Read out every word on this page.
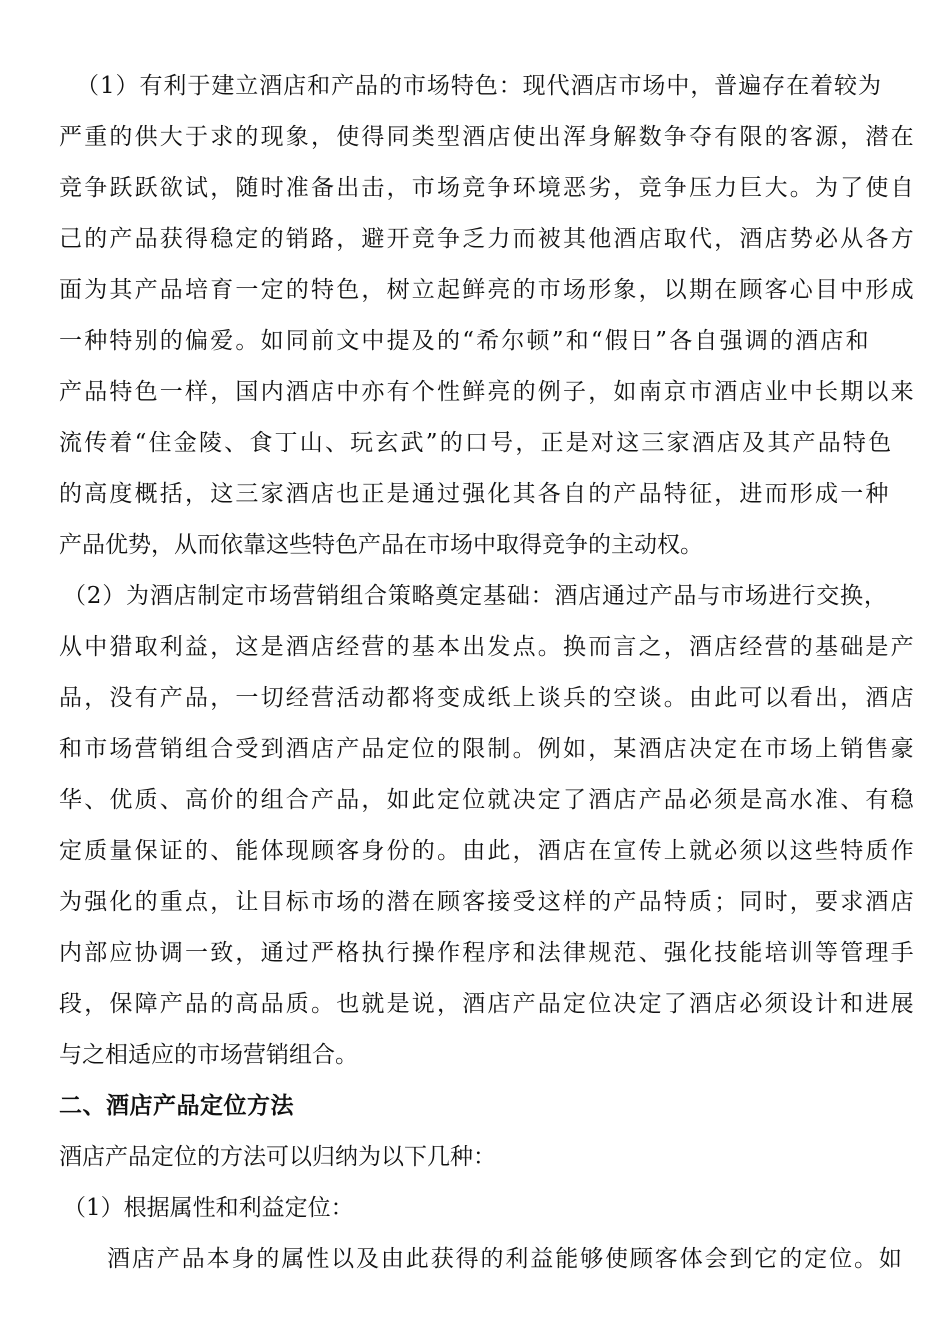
（1）有利于建立酒店和产品的市场特色：现代酒店市场中，普遍存在着较为
严重的供大于求的现象，使得同类型酒店使出浑身解数争夺有限的客源，潜在
竞争跃跃欲试，随时准备出击，市场竞争环境恶劣，竞争压力巨大。为了使自
己的产品获得稳定的销路，避开竞争乏力而被其他酒店取代，酒店势必从各方
面为其产品培育一定的特色，树立起鲜亮的市场形象，以期在顾客心目中形成
一种特别的偏爱。如同前文中提及的“希尔顿”和“假日”各自强调的酒店和
产品特色一样，国内酒店中亦有个性鲜亮的例子，如南京市酒店业中长期以来
流传着“住金陵、食丁山、玩玄武”的口号，正是对这三家酒店及其产品特色
的高度概括，这三家酒店也正是通过强化其各自的产品特征，进而形成一种
产品优势，从而依靠这些特色产品在市场中取得竞争的主动权。
（2）为酒店制定市场营销组合策略奠定基础：酒店通过产品与市场进行交换，
从中猎取利益，这是酒店经营的基本出发点。换而言之，酒店经营的基础是产
品，没有产品，一切经营活动都将变成纸上谈兵的空谈。由此可以看出，酒店
和市场营销组合受到酒店产品定位的限制。例如，某酒店决定在市场上销售豪
华、优质、高价的组合产品，如此定位就决定了酒店产品必须是高水准、有稳
定质量保证的、能体现顾客身份的。由此，酒店在宣传上就必须以这些特质作
为强化的重点，让目标市场的潜在顾客接受这样的产品特质；同时，要求酒店
内部应协调一致，通过严格执行操作程序和法律规范、强化技能培训等管理手
段，保障产品的高品质。也就是说，酒店产品定位决定了酒店必须设计和进展
与之相适应的市场营销组合。
二、酒店产品定位方法
酒店产品定位的方法可以归纳为以下几种：
（1）根据属性和利益定位：
酒店产品本身的属性以及由此获得的利益能够使顾客体会到它的定位。如
